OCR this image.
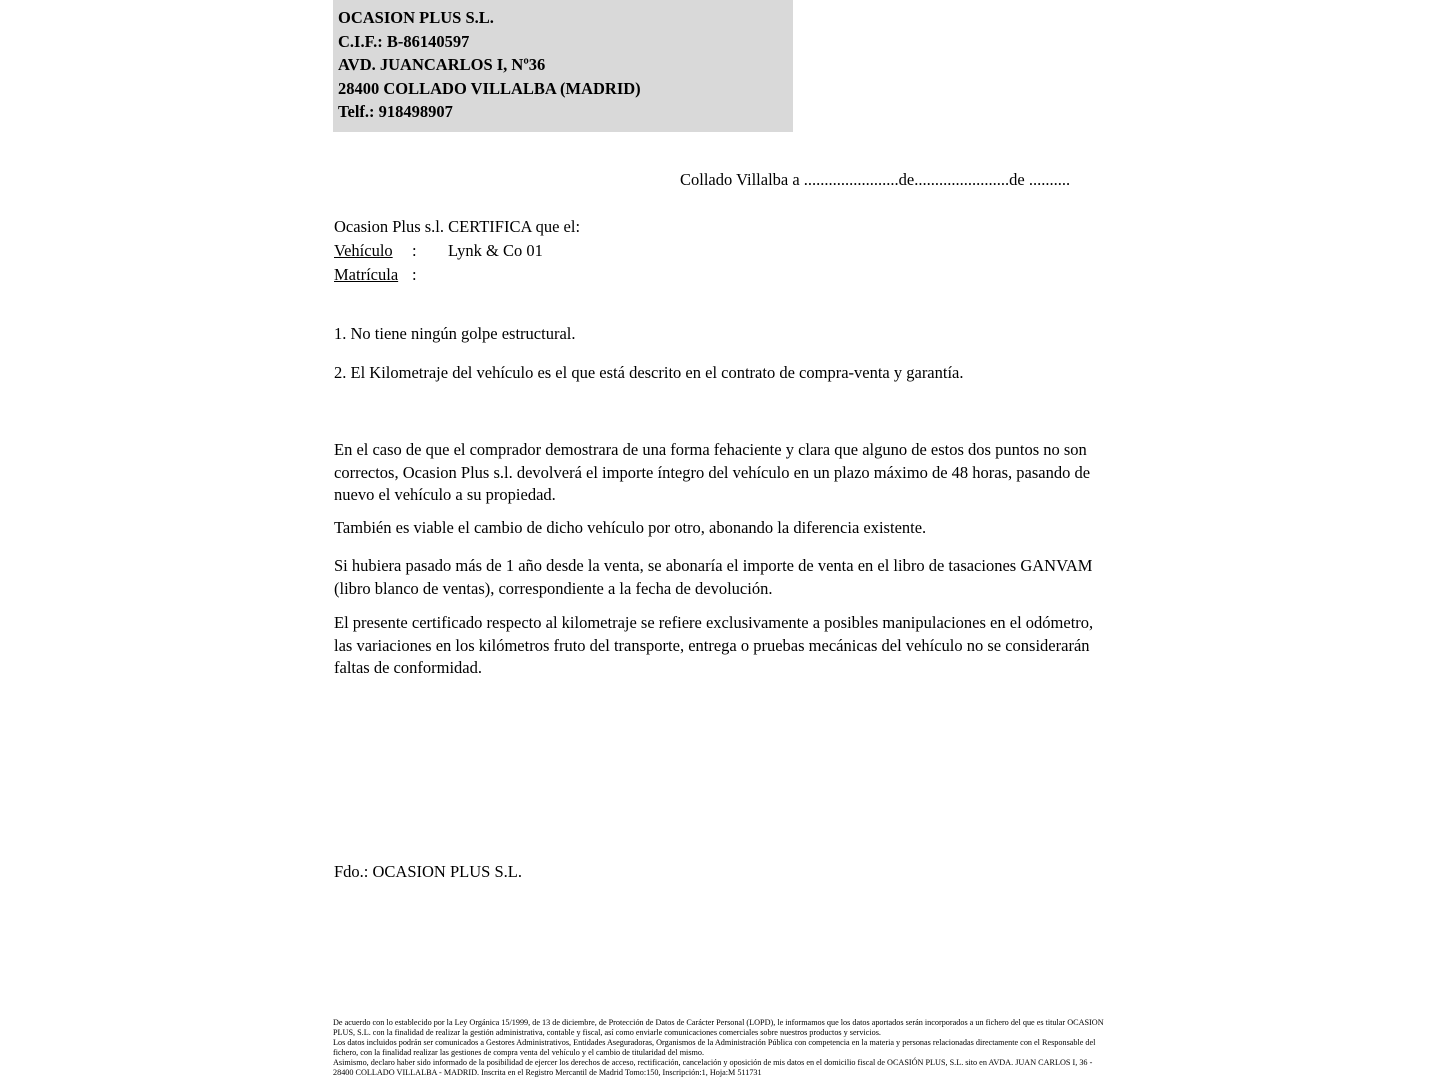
OCASION PLUS S.L.
C.I.F.: B-86140597
AVD. JUANCARLOS I, Nº36
28400 COLLADO VILLALBA (MADRID)
Telf.: 918498907
Collado Villalba a .......................de.......................de ..........
Ocasion Plus s.l. CERTIFICA que el:
Vehículo : Lynk & Co 01
Matrícula :
1. No tiene ningún golpe estructural.
2. El Kilometraje del vehículo es el que está descrito en el contrato de compra-venta y garantía.
En el caso de que el comprador demostrara de una forma fehaciente y clara que alguno de estos dos puntos no son correctos, Ocasion Plus s.l. devolverá el importe íntegro del vehículo en un plazo máximo de 48 horas, pasando de nuevo el vehículo a su propiedad.
También es viable el cambio de dicho vehículo por otro, abonando la diferencia existente.
Si hubiera pasado más de 1 año desde la venta, se abonaría el importe de venta en el libro de tasaciones GANVAM (libro blanco de ventas), correspondiente a la fecha de devolución.
El presente certificado respecto al kilometraje se refiere exclusivamente a posibles manipulaciones en el odómetro, las variaciones en los kilómetros fruto del transporte, entrega o pruebas mecánicas del vehículo no se considerarán faltas de conformidad.
Fdo.: OCASION PLUS S.L.

De acuerdo con lo establecido por la Ley Orgánica 15/1999, de 13 de diciembre, de Protección de Datos de Carácter Personal (LOPD), le informamos que los datos aportados serán incorporados a un fichero del que es titular OCASION PLUS, S.L. con la finalidad de realizar la gestión administrativa, contable y fiscal, así como enviarle comunicaciones comerciales sobre nuestros productos y servicios.

Los datos incluidos podrán ser comunicados a Gestores Administrativos, Entidades Aseguradoras, Organismos de la Administración Pública con competencia en la materia y personas relacionadas directamente con el Responsable del fichero, con la finalidad realizar las gestiones de compra venta del vehículo y el cambio de titularidad del mismo.

Asimismo, declaro haber sido informado de la posibilidad de ejercer los derechos de acceso, rectificación, cancelación y oposición de mis datos en el domicilio fiscal de OCASIÓN PLUS, S.L. sito en AVDA. JUAN CARLOS I, 36 - 28400 COLLADO VILLALBA - MADRID. Inscrita en el Registro Mercantil de Madrid Tomo:150, Inscripción:1, Hoja:M 511731
